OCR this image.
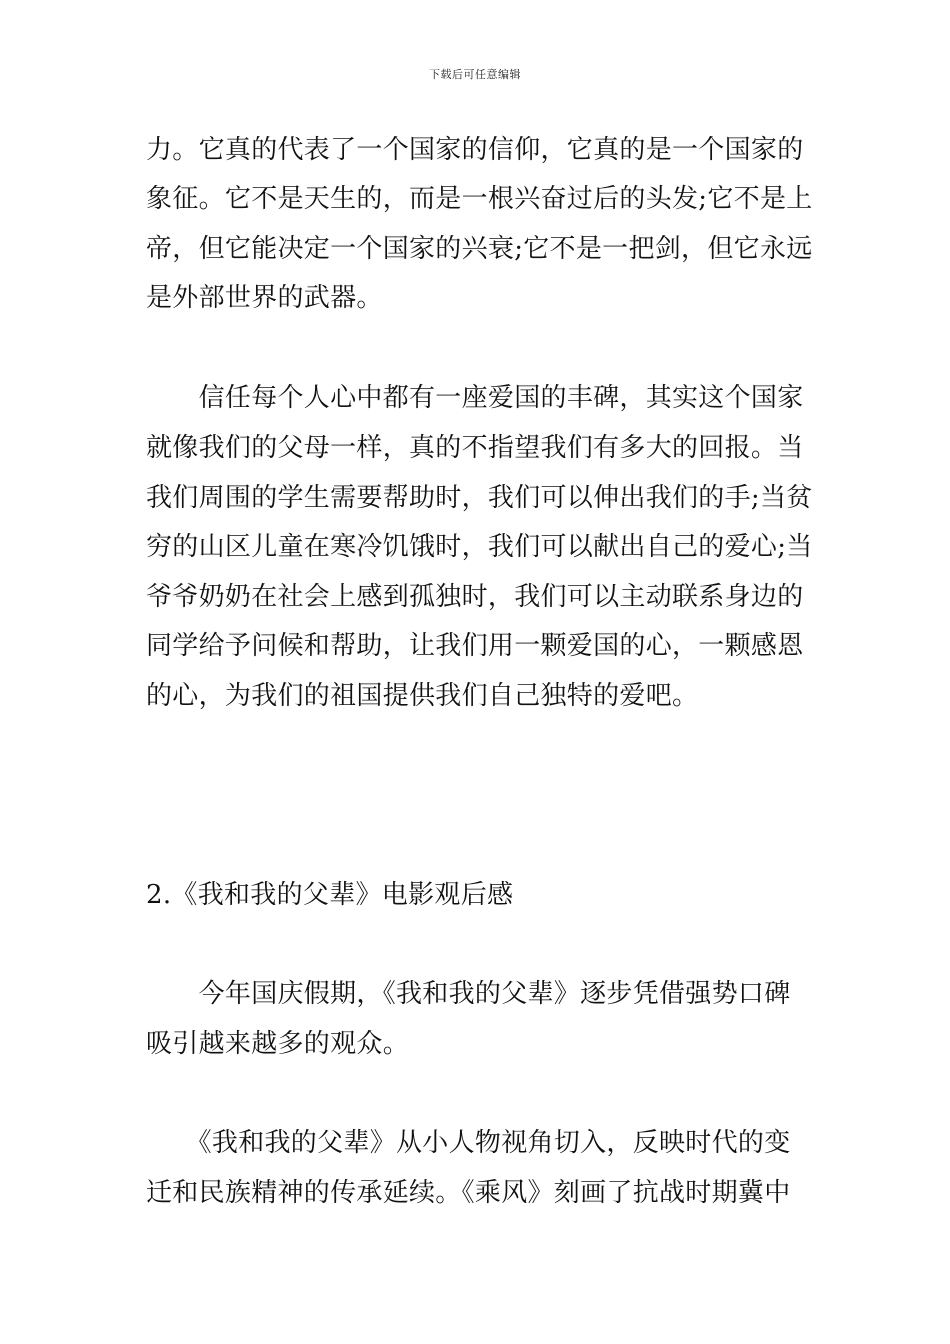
下载后可任意编辑
力。它真的代表了一个国家的信仰，它真的是一个国家的
象征。它不是天生的，而是一根兴奋过后的头发;它不是上
帝，但它能决定一个国家的兴衰;它不是一把剑，但它永远
是外部世界的武器。
　　信任每个人心中都有一座爱国的丰碑，其实这个国家
就像我们的父母一样，真的不指望我们有多大的回报。当
我们周围的学生需要帮助时，我们可以伸出我们的手;当贫
穷的山区儿童在寒冷饥饿时，我们可以献出自己的爱心;当
爷爷奶奶在社会上感到孤独时，我们可以主动联系身边的
同学给予问候和帮助，让我们用一颗爱国的心，一颗感恩
的心，为我们的祖国提供我们自己独特的爱吧。
2.《我和我的父辈》电影观后感
　　今年国庆假期，《我和我的父辈》逐步凭借强势口碑
吸引越来越多的观众。
　　《我和我的父辈》从小人物视角切入，反映时代的变
迁和民族精神的传承延续。《乘风》刻画了抗战时期冀中
